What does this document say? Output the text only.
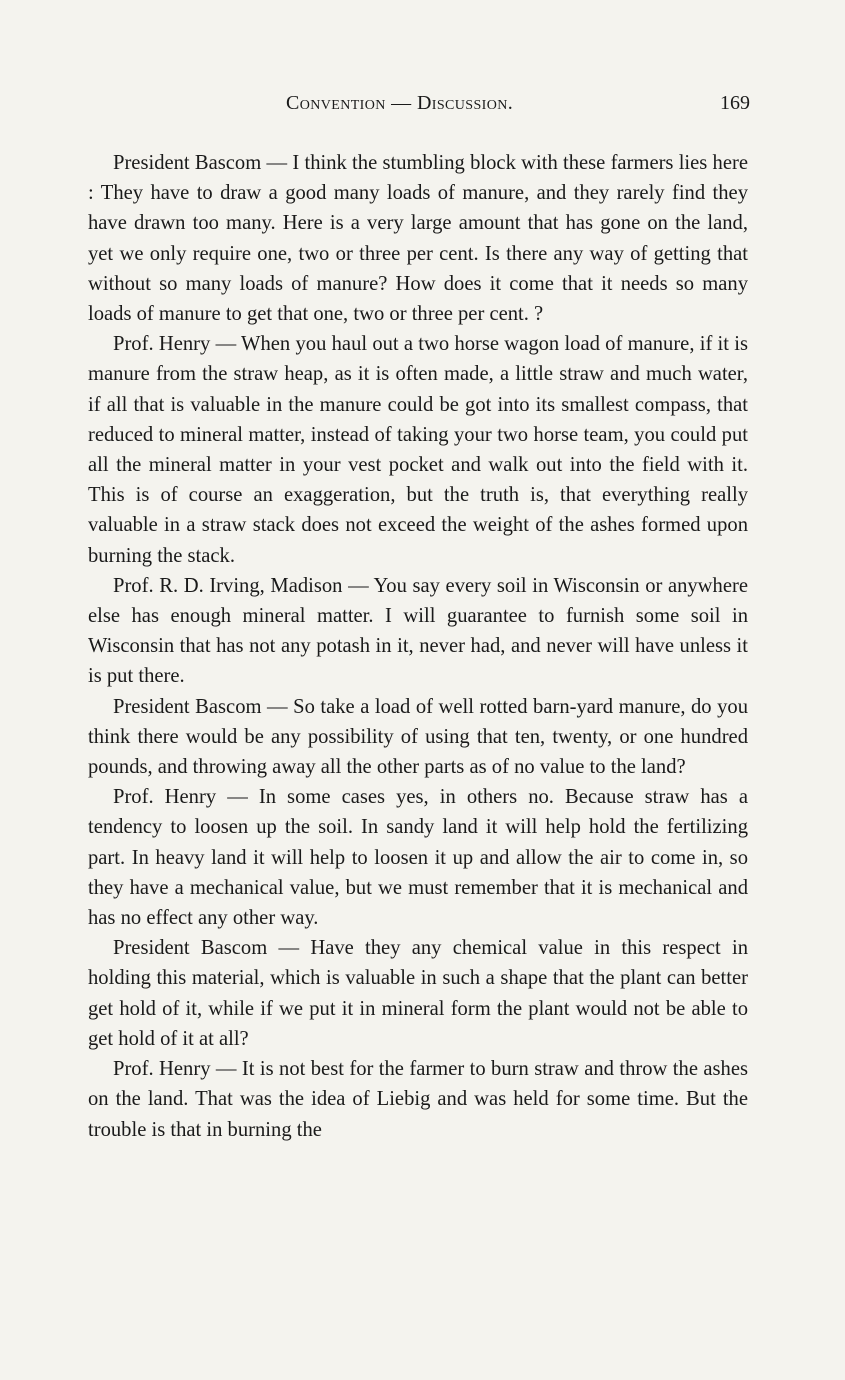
Convention — Discussion.	169

President Bascom — I think the stumbling block with these farmers lies here : They have to draw a good many loads of manure, and they rarely find they have drawn too many. Here is a very large amount that has gone on the land, yet we only require one, two or three per cent. Is there any way of getting that without so many loads of manure? How does it come that it needs so many loads of manure to get that one, two or three per cent. ?

Prof. Henry — When you haul out a two horse wagon load of manure, if it is manure from the straw heap, as it is often made, a little straw and much water, if all that is valuable in the manure could be got into its smallest compass, that reduced to mineral matter, instead of taking your two horse team, you could put all the mineral matter in your vest pocket and walk out into the field with it. This is of course an exaggeration, but the truth is, that everything really valuable in a straw stack does not exceed the weight of the ashes formed upon burning the stack.

Prof. R. D. Irving, Madison — You say every soil in Wisconsin or anywhere else has enough mineral matter. I will guarantee to furnish some soil in Wisconsin that has not any potash in it, never had, and never will have unless it is put there.

President Bascom — So take a load of well rotted barn-yard manure, do you think there would be any possibility of using that ten, twenty, or one hundred pounds, and throwing away all the other parts as of no value to the land?

Prof. Henry — In some cases yes, in others no. Because straw has a tendency to loosen up the soil. In sandy land it will help hold the fertilizing part. In heavy land it will help to loosen it up and allow the air to come in, so they have a mechanical value, but we must remember that it is mechanical and has no effect any other way.

President Bascom — Have they any chemical value in this respect in holding this material, which is valuable in such a shape that the plant can better get hold of it, while if we put it in mineral form the plant would not be able to get hold of it at all?

Prof. Henry — It is not best for the farmer to burn straw and throw the ashes on the land. That was the idea of Liebig and was held for some time. But the trouble is that in burning the
